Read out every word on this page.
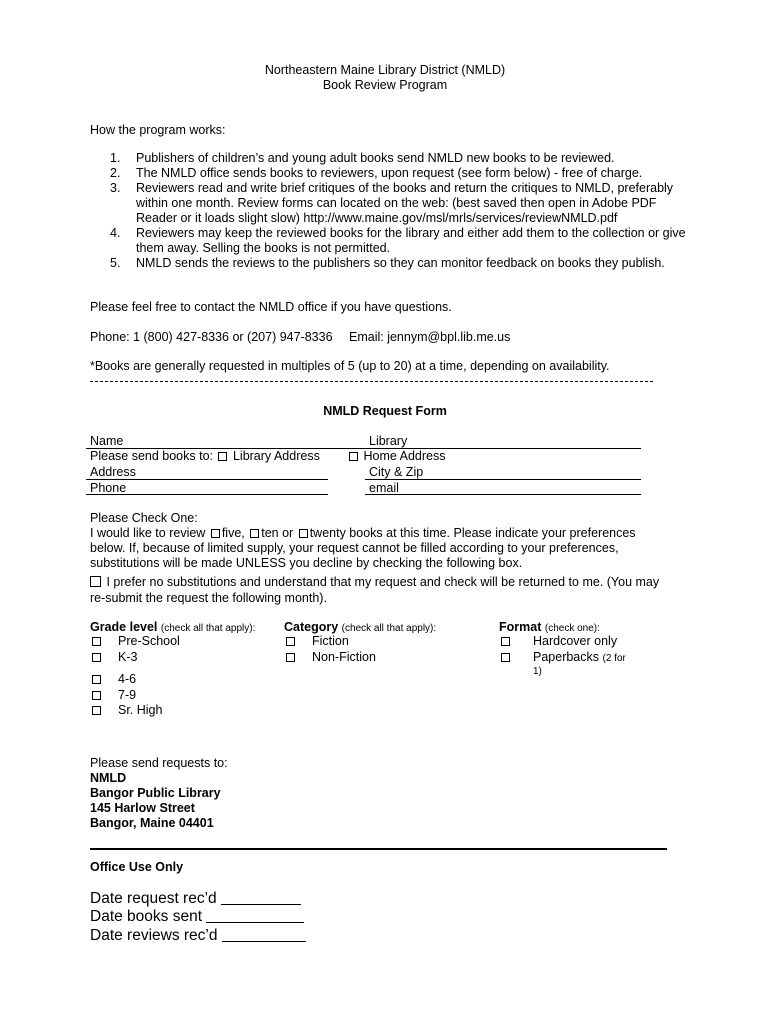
Northeastern Maine Library District (NMLD)
Book Review Program
How the program works:
1. Publishers of children’s and young adult books send NMLD new books to be reviewed.
2. The NMLD office sends books to reviewers, upon request (see form below) - free of charge.
3. Reviewers read and write brief critiques of the books and return the critiques to NMLD, preferably within one month. Review forms can located on the web: (best saved then open in Adobe PDF Reader or it loads slight slow) http://www.maine.gov/msl/mrls/services/reviewNMLD.pdf
4. Reviewers may keep the reviewed books for the library and either add them to the collection or give them away. Selling the books is not permitted.
5. NMLD sends the reviews to the publishers so they can monitor feedback on books they publish.
Please feel free to contact the NMLD office if you have questions.
Phone: 1 (800) 427-8336 or (207) 947-8336 Email: jennym@bpl.lib.me.us
*Books are generally requested in multiples of 5 (up to 20) at a time, depending on availability.
NMLD Request Form
Name	Library
Please send books to: Library Address	Home Address
Address	City & Zip
Phone	email
Please Check One:
I would like to review five, ten or twenty books at this time. Please indicate your preferences
below. If, because of limited supply, your request cannot be filled according to your preferences,
substitutions will be made UNLESS you decline by checking the following box.
I prefer no substitutions and understand that my request and check will be returned to me. (You may
re-submit the request the following month).
Grade level (check all that apply):
Pre-School
K-3
4-6
7-9
Sr. High
Category (check all that apply):
Fiction
Non-Fiction
Format (check one):
Hardcover only
Paperbacks (2 for
1)
Please send requests to:
NMLD
Bangor Public Library
145 Harlow Street
Bangor, Maine 04401
Office Use Only
Date request rec’d
Date books sent
Date reviews rec’d
